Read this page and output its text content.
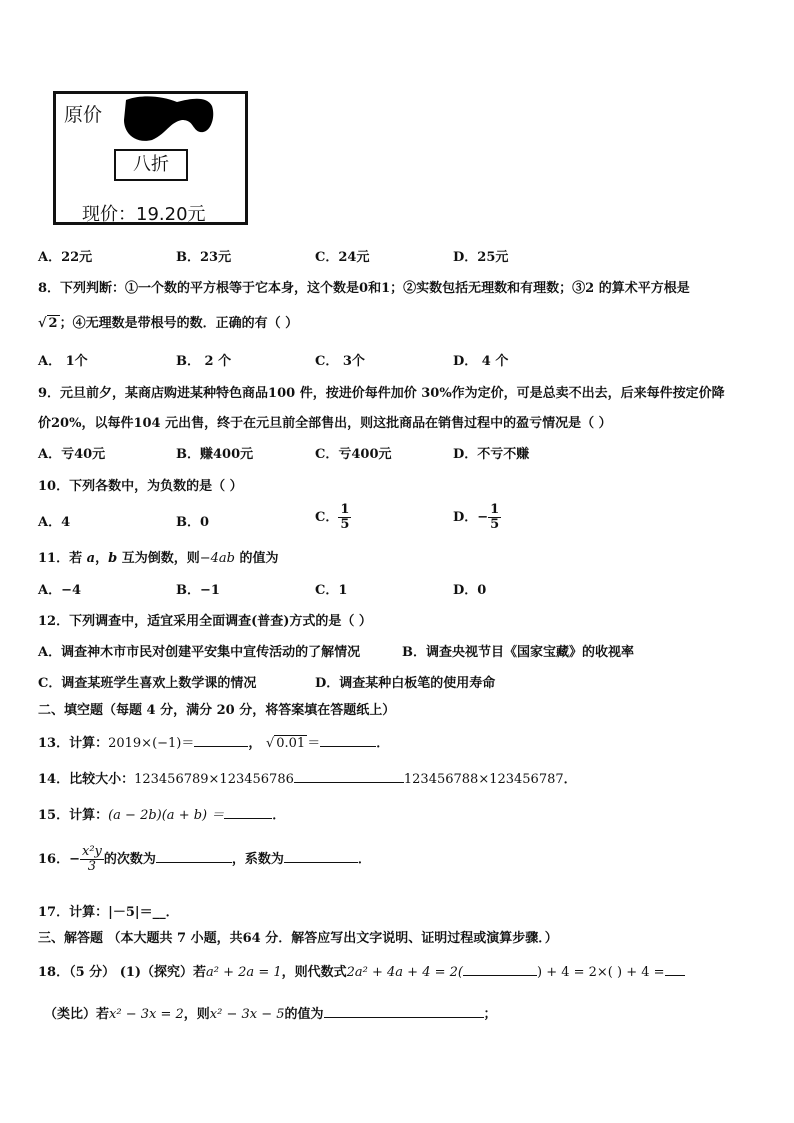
原价
八折
现价：19.20元
A．22元	B．23元	C．24元	D．25元
8．下列判断：①一个数的平方根等于它本身，这个数是0和1；②实数包括无理数和有理数；③2 的算术平方根是
√ 2 ；④无理数是带根号的数．正确的有（ ）
A． 1个	B． 2 个	C． 3个	D． 4 个
9．元旦前夕，某商店购进某种特色商品100 件，按进价每件加价 30%作为定价，可是总卖不出去，后来每件按定价降
价20%，以每件104 元出售，终于在元旦前全部售出，则这批商品在销售过程中的盈亏情况是（ ）
A．亏40元	B．赚400元	C．亏400元	D．不亏不赚
10．下列各数中，为负数的是（ ）
A．4	B．0	C． $\frac{1}{5}$	D．− $\frac{1}{5}$
11．若 a，b 互为倒数，则−4ab 的值为
A．−4	B．−1	C．1	D．0
12．下列调查中，适宜采用全面调查(普查)方式的是（ ）
A．调查神木市市民对创建平安集中宣传活动的了解情况	B．调查央视节目《国家宝藏》的收视率
C．调查某班学生喜欢上数学课的情况	D．调查某种白板笔的使用寿命
二、填空题（每题 4 分，满分 20 分，将答案填在答题纸上）
13．计算：2019×(−1)＝	， √ 0.01 ＝	．
14．比较大小：123456789×123456786	123456788×123456787．
15．计算：(a − 2b)(a + b) ＝	．
16．− $\frac{\text{x²y}}{3}$ 的次数为	，系数为	．
17．计算：|－5|＝__．
三、解答题 （本大题共 7 小题，共64 分．解答应写出文字说明、证明过程或演算步骤．）
18．（5 分） (1)（探究）若a² + 2a = 1，则代数式2a² + 4a + 4 = 2(	) + 4 = 2×( ) + 4 =
（类比）若x² − 3x = 2，则x² − 3x − 5的值为	；
